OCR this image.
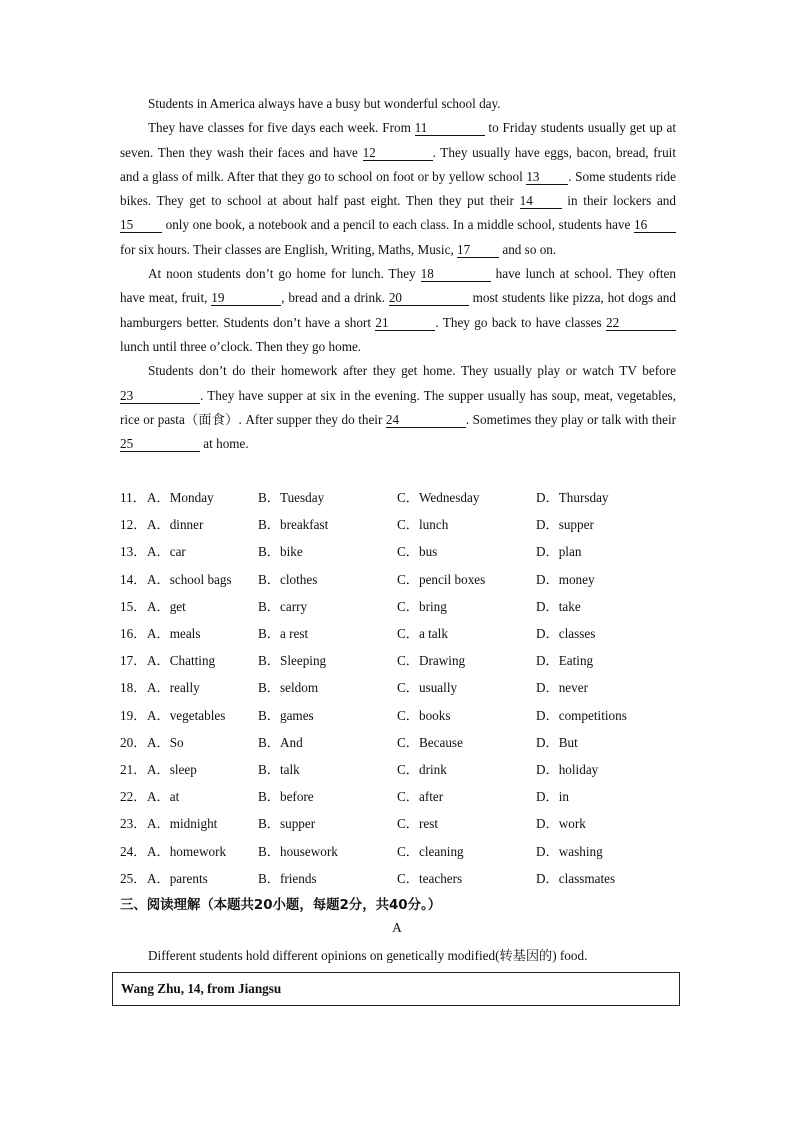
Students in America always have a busy but wonderful school day.

They have classes for five days each week. From 11	to Friday students usually get up at seven. Then they wash their faces and have 12	. They usually have eggs, bacon, bread, fruit and a glass of milk. After that they go to school on foot or by yellow school 13 . Some students ride bikes. They get to school at about half past eight. Then they put their 14 in their lockers and 15 only one book, a notebook and a pencil to each class. In a middle school, students have 16 for six hours. Their classes are English, Writing, Maths, Music, 17 and so on.

At noon students don’t go home for lunch. They 18	have lunch at school. They often have meat, fruit, 19	, bread and a drink. 20	most students like pizza, hot dogs and hamburgers better. Students don’t have a short 21	. They go back to have classes 22 lunch until three o’clock. Then they go home.

Students don’t do their homework after they get home. They usually play or watch TV before 23	. They have supper at six in the evening. The supper usually has soup, meat, vegetables, rice or pasta（面食）. After supper they do their 24	. Sometimes they play or talk with their 25	at home.

11． A．Monday	B．Tuesday	C．Wednesday	D．Thursday
12． A．dinner	B．breakfast	C．lunch	D．supper
13． A．car	B．bike	C．bus	D．plan
14． A．school bags	B．clothes	C．pencil boxes	D．money
15． A．get	B．carry	C．bring	D．take
16． A．meals	B．a rest	C．a talk	D．classes
17． A．Chatting	B．Sleeping	C．Drawing	D．Eating
18． A．really	B．seldom	C．usually	D．never
19． A．vegetables	B．games	C．books	D．competitions
20． A．So	B．And	C．Because	D．But
21． A．sleep	B．talk	C．drink	D．holiday
22． A．at	B．before	C．after	D．in
23． A．midnight	B．supper	C．rest	D．work
24． A．homework	B．housework	C．cleaning	D．washing
25． A．parents	B．friends	C．teachers	D．classmates
三、阅读理解（本题共20小题，每题2分，共40分。）
A
Different students hold different opinions on genetically modified(转基因的) food.
Wang Zhu, 14, from Jiangsu
